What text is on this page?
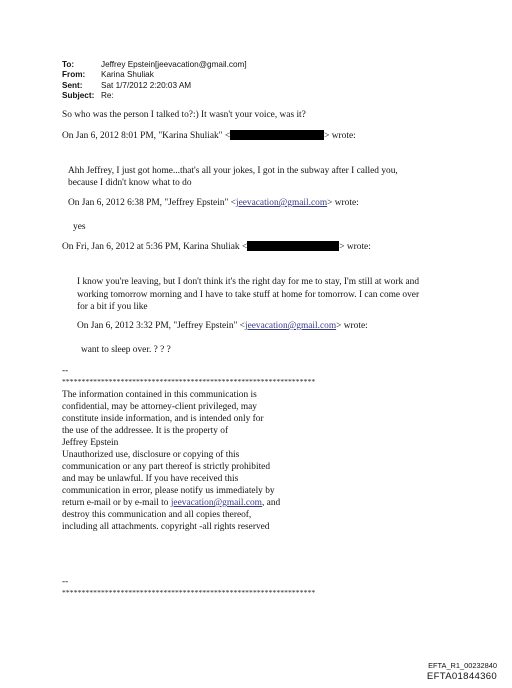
To:	Jeffrey Epstein[jeevacation@gmail.com]
From:	Karina Shuliak
Sent:	Sat 1/7/2012 2:20:03 AM
Subject: Re:
So who was the person I talked to?:) It wasn't your voice, was it?
On Jan 6, 2012 8:01 PM, "Karina Shuliak" <	> wrote:
Ahh Jeffrey, I just got home...that's all your jokes, I got in the subway after I called you,
because I didn't know what to do
On Jan 6, 2012 6:38 PM, "Jeffrey Epstein" <jeevacation@gmail.com> wrote:
yes
On Fri, Jan 6, 2012 at 5:36 PM, Karina Shuliak <	> wrote:
I know you're leaving, but I don't think it's the right day for me to stay, I'm still at work and
working tomorrow morning and I have to take stuff at home for tomorrow. I can come over
for a bit if you like
On Jan 6, 2012 3:32 PM, "Jeffrey Epstein" <jeevacation@gmail.com> wrote:
want to sleep over. ? ? ?
--
*****************************************************************
The information contained in this communication is
confidential, may be attorney-client privileged, may
constitute inside information, and is intended only for
the use of the addressee. It is the property of
Jeffrey Epstein
Unauthorized use, disclosure or copying of this
communication or any part thereof is strictly prohibited
and may be unlawful. If you have received this
communication in error, please notify us immediately by
return e-mail or by e-mail to jeevacation@gmail.com, and
destroy this communication and all copies thereof,
including all attachments. copyright -all rights reserved
--
*****************************************************************
EFTA_R1_00232840
EFTA01844360
